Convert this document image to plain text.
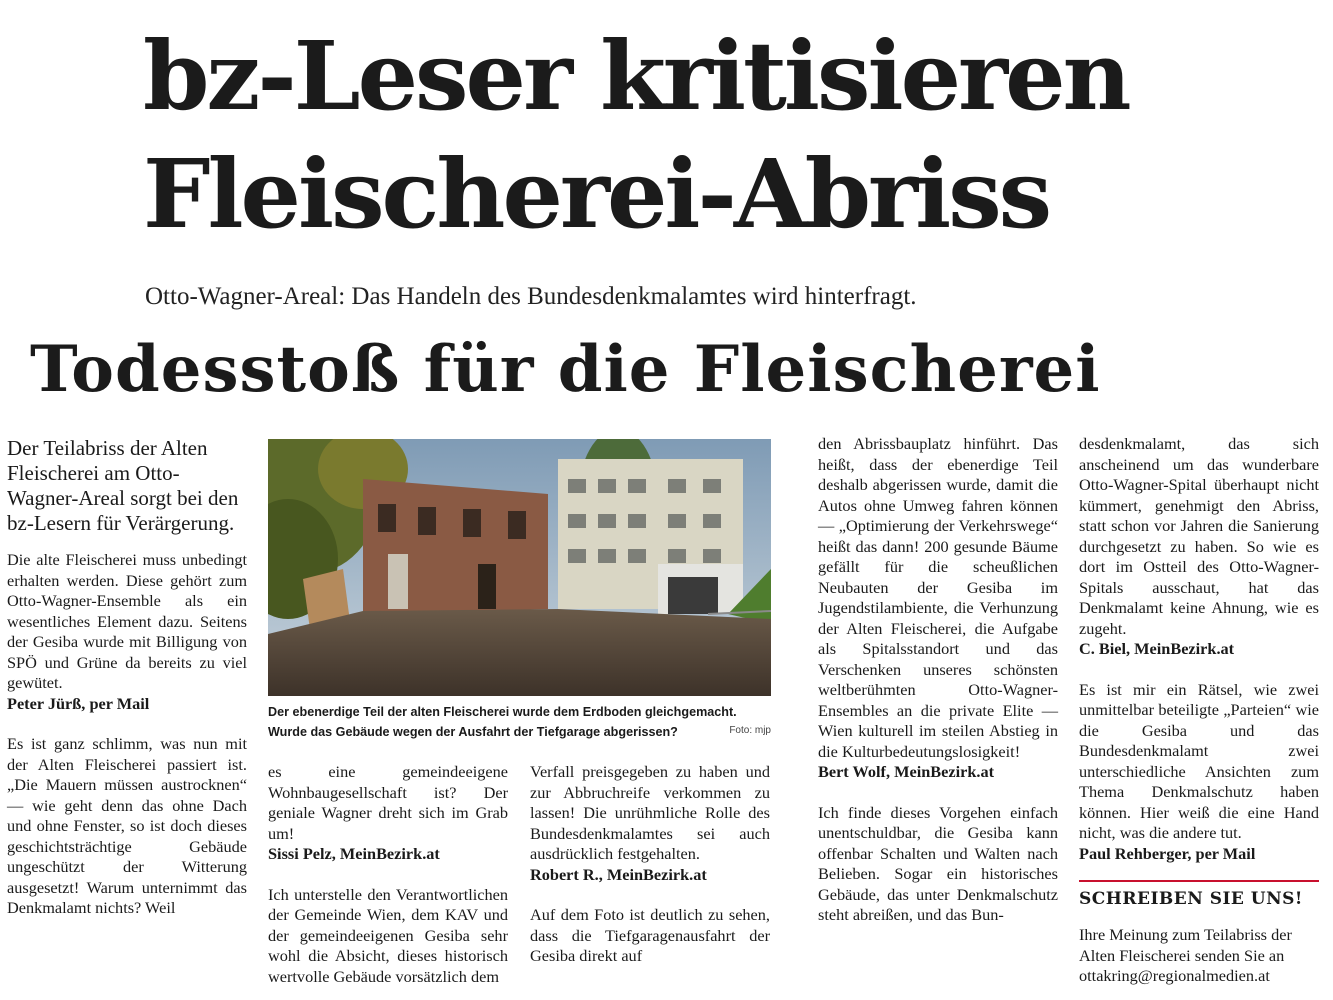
bz-Leser kritisieren Fleischerei-Abriss
Otto-Wagner-Areal: Das Handeln des Bundesdenkmalamtes wird hinterfragt.
Todesstoß für die Fleischerei

Der Teilabriss der Alten Fleischerei am Otto-Wagner-Areal sorgt bei den bz-Lesern für Verärgerung.

Die alte Fleischerei muss unbedingt erhalten werden. Diese gehört zum Otto-Wagner-Ensemble als ein wesentliches Element dazu. Seitens der Gesiba wurde mit Billigung von SPÖ und Grüne da bereits zu viel gewütet.

Peter Jürß, per Mail

Es ist ganz schlimm, was nun mit der Alten Fleischerei passiert ist. „Die Mauern müssen austrocknen“ — wie geht denn das ohne Dach und ohne Fenster, so ist doch dieses geschichtsträchtige Gebäude ungeschützt der Witterung ausgesetzt! Warum unternimmt das Denkmalamt nichts? Weil

Der ebenerdige Teil der alten Fleischerei wurde dem Erdboden gleichgemacht. Wurde das Gebäude wegen der Ausfahrt der Tiefgarage abgerissen?	Foto: mjp

es eine gemeindeeigene Wohnbaugesellschaft ist? Der geniale Wagner dreht sich im Grab um!

Sissi Pelz, MeinBezirk.at

Ich unterstelle den Verantwortlichen der Gemeinde Wien, dem KAV und der gemeindeeigenen Gesiba sehr wohl die Absicht, dieses historisch wertvolle Gebäude vorsätzlich dem

Verfall preisgegeben zu haben und zur Abbruchreife verkommen zu lassen! Die unrühmliche Rolle des Bundesdenkmalamtes sei auch ausdrücklich festgehalten.

Robert R., MeinBezirk.at

Auf dem Foto ist deutlich zu sehen, dass die Tiefgaragenausfahrt der Gesiba direkt auf

den Abrissbauplatz hinführt. Das heißt, dass der ebenerdige Teil deshalb abgerissen wurde, damit die Autos ohne Umweg fahren können — „Optimierung der Verkehrswege“ heißt das dann! 200 gesunde Bäume gefällt für die scheußlichen Neubauten der Gesiba im Jugendstilambiente, die Verhunzung der Alten Fleischerei, die Aufgabe als Spitalsstandort und das Verschenken unseres schönsten weltberühmten Otto-Wagner-Ensembles an die private Elite — Wien kulturell im steilen Abstieg in die Kulturbedeutungslosigkeit!

Bert Wolf, MeinBezirk.at

Ich finde dieses Vorgehen einfach unentschuldbar, die Gesiba kann offenbar Schalten und Walten nach Belieben. Sogar ein historisches Gebäude, das unter Denkmalschutz steht abreißen, und das Bun-

desdenkmalamt, das sich anscheinend um das wunderbare Otto-Wagner-Spital überhaupt nicht kümmert, genehmigt den Abriss, statt schon vor Jahren die Sanierung durchgesetzt zu haben. So wie es dort im Ostteil des Otto-Wagner-Spitals ausschaut, hat das Denkmalamt keine Ahnung, wie es zugeht.

C. Biel, MeinBezirk.at

Es ist mir ein Rätsel, wie zwei unmittelbar beteiligte „Parteien“ wie die Gesiba und das Bundesdenkmalamt zwei unterschiedliche Ansichten zum Thema Denkmalschutz haben können. Hier weiß die eine Hand nicht, was die andere tut.

Paul Rehberger, per Mail

SCHREIBEN SIE UNS!
Ihre Meinung zum Teilabriss der Alten Fleischerei senden Sie an ottakring@regionalmedien.at
